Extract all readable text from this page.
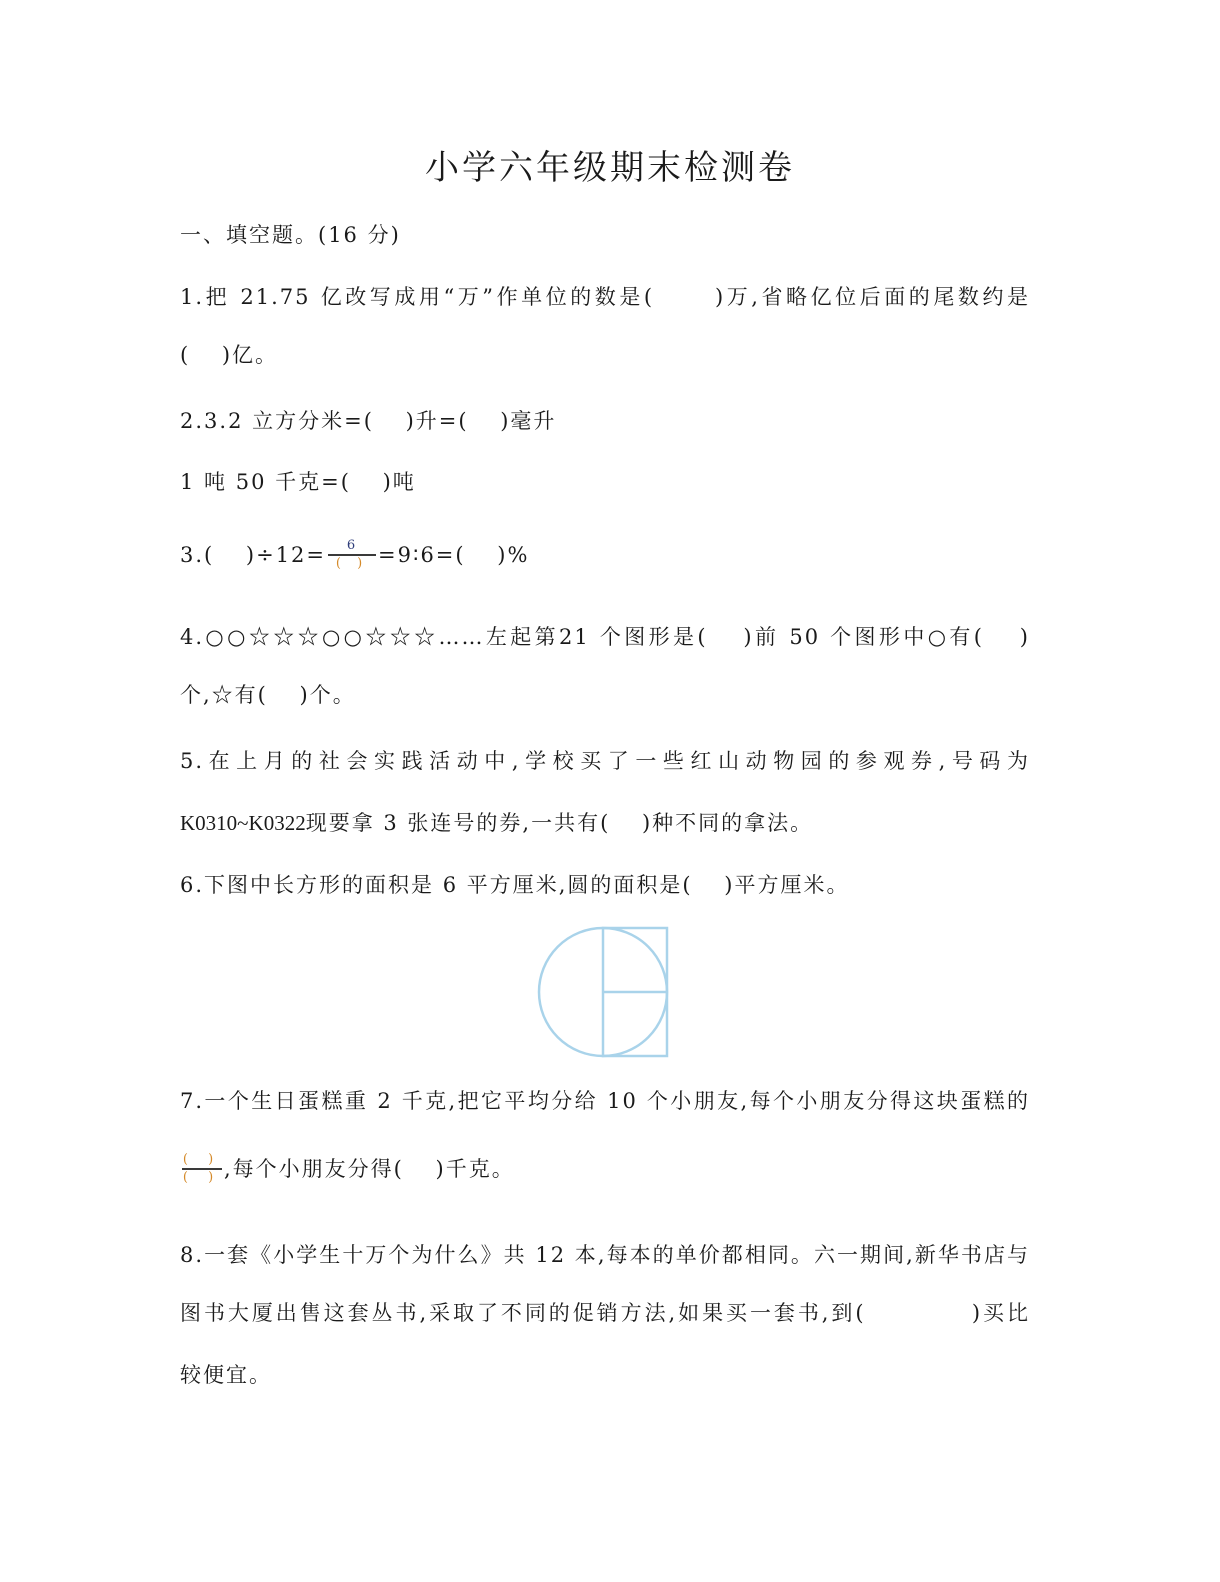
小学六年级期末检测卷
一、填空题。(16 分)
1.把 21.75 亿改写成用“万”作单位的数是(　　 )万,省略亿位后面的尾数约是
(　 )亿。
2.3.2 立方分米=(　 )升=(　 )毫升
1 吨 50 千克=(　 )吨
3.(　 )$\div 12= \frac{6}{( )}$ =9∶6=(　 )%
4.○○☆☆☆○○☆☆☆……左起第21 个图形是(　 )前 50 个图形中○有(　 )
个,☆有(　 )个。
5.在上月的社会实践活动中,学校买了一些红山动物园的参观券,号码为
K0310~K0322现要拿 3 张连号的券,一共有(　 )种不同的拿法。
6.下图中长方形的面积是 6 平方厘米,圆的面积是(　 )平方厘米。
7.一个生日蛋糕重 2 千克,把它平均分给 10 个小朋友,每个小朋友分得这块蛋糕的
$\frac{( )}{( )}$ ,每个小朋友分得(　 )千克。
8.一套《小学生十万个为什么》共 12 本,每本的单价都相同。六一期间,新华书店与
图书大厦出售这套丛书,采取了不同的促销方法,如果买一套书,到(　　　　 )买比
较便宜。
